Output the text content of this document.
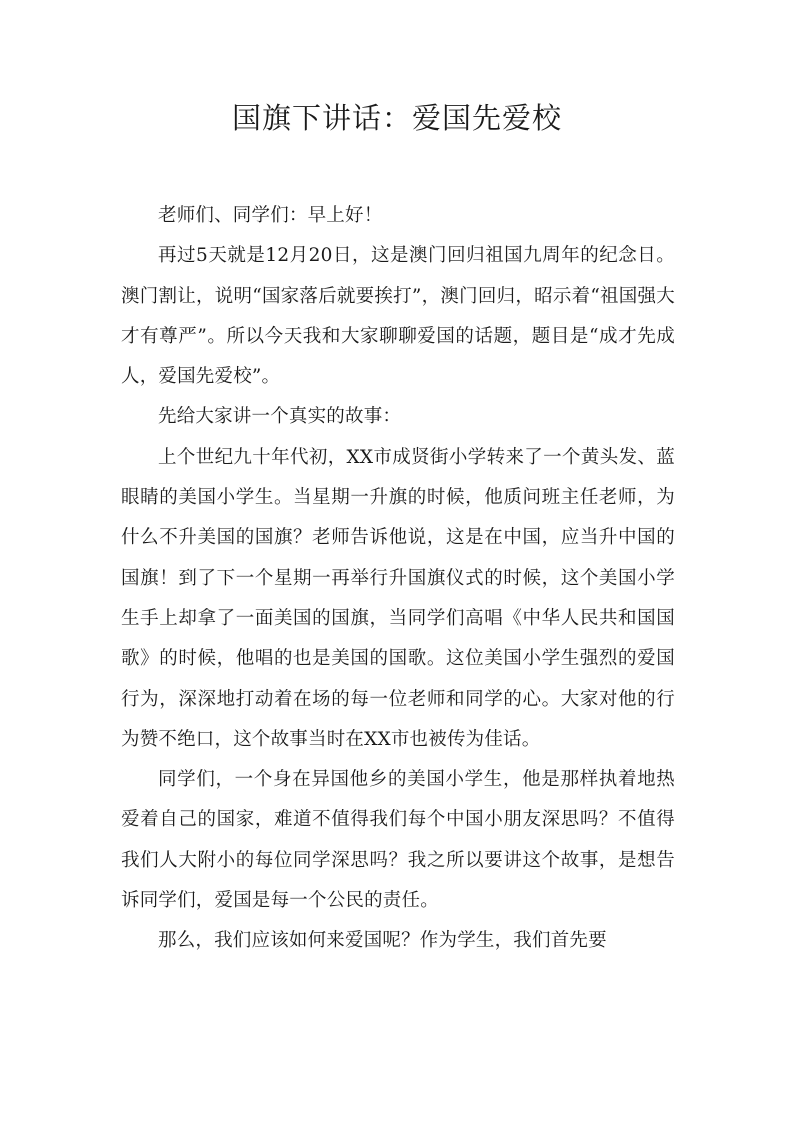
国旗下讲话：爱国先爱校

老师们、同学们：早上好！

再过5天就是12月20日，这是澳门回归祖国九周年的纪念日。澳门割让，说明“国家落后就要挨打”，澳门回归，昭示着“祖国强大才有尊严”。所以今天我和大家聊聊爱国的话题，题目是“成才先成人，爱国先爱校”。

先给大家讲一个真实的故事：

上个世纪九十年代初，XX市成贤街小学转来了一个黄头发、蓝眼睛的美国小学生。当星期一升旗的时候，他质问班主任老师，为什么不升美国的国旗？老师告诉他说，这是在中国，应当升中国的国旗！到了下一个星期一再举行升国旗仪式的时候，这个美国小学生手上却拿了一面美国的国旗，当同学们高唱《中华人民共和国国歌》的时候，他唱的也是美国的国歌。这位美国小学生强烈的爱国行为，深深地打动着在场的每一位老师和同学的心。大家对他的行为赞不绝口，这个故事当时在XX市也被传为佳话。

同学们，一个身在异国他乡的美国小学生，他是那样执着地热爱着自己的国家，难道不值得我们每个中国小朋友深思吗？不值得我们人大附小的每位同学深思吗？我之所以要讲这个故事，是想告诉同学们，爱国是每一个公民的责任。

那么，我们应该如何来爱国呢？作为学生，我们首先要
